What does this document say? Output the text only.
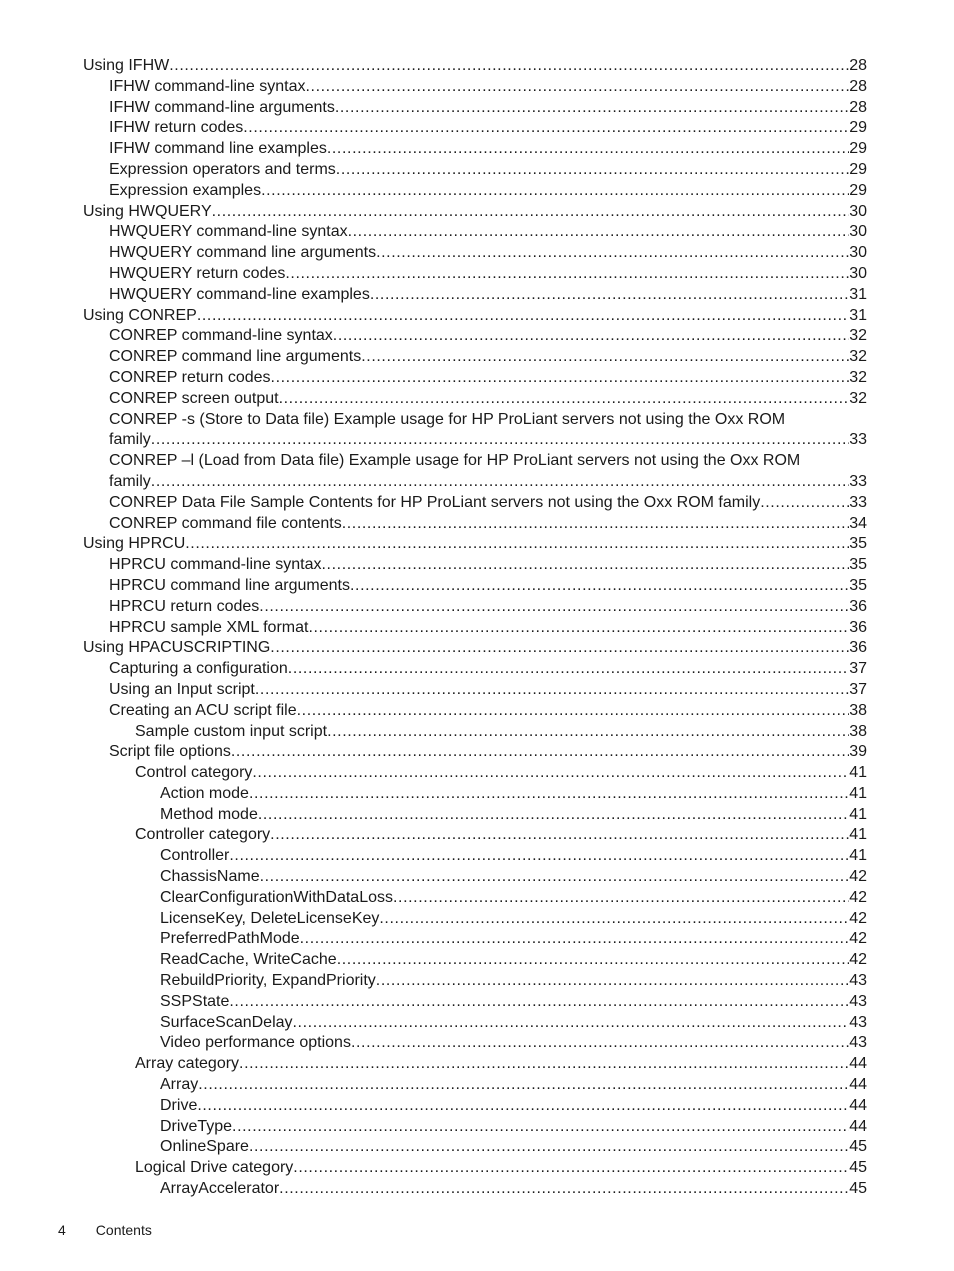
Using IFHW .....	28
IFHW command-line syntax .....	28
IFHW command-line arguments .....	28
IFHW return codes .....	29
IFHW command line examples .....	29
Expression operators and terms .....	29
Expression examples .....	29
Using HWQUERY .....	30
HWQUERY command-line syntax .....	30
HWQUERY command line arguments .....	30
HWQUERY return codes .....	30
HWQUERY command-line examples .....	31
Using CONREP .....	31
CONREP command-line syntax .....	32
CONREP command line arguments .....	32
CONREP return codes .....	32
CONREP screen output .....	32
CONREP -s (Store to Data file) Example usage for HP ProLiant servers not using the Oxx ROM
family .....	33
CONREP –l (Load from Data file) Example usage for HP ProLiant servers not using the Oxx ROM
family .....	33
CONREP Data File Sample Contents for HP ProLiant servers not using the Oxx ROM family .....	33
CONREP command file contents .....	34
Using HPRCU .....	35
HPRCU command-line syntax .....	35
HPRCU command line arguments .....	35
HPRCU return codes .....	36
HPRCU sample XML format .....	36
Using HPACUSCRIPTING .....	36
Capturing a configuration .....	37
Using an Input script .....	37
Creating an ACU script file .....	38
Sample custom input script .....	38
Script file options .....	39
Control category .....	41
Action mode .....	41
Method mode .....	41
Controller category .....	41
Controller .....	41
ChassisName .....	42
ClearConfigurationWithDataLoss .....	42
LicenseKey, DeleteLicenseKey .....	42
PreferredPathMode .....	42
ReadCache, WriteCache .....	42
RebuildPriority, ExpandPriority .....	43
SSPState .....	43
SurfaceScanDelay .....	43
Video performance options .....	43
Array category .....	44
Array .....	44
Drive .....	44
DriveType .....	44
OnlineSpare .....	45
Logical Drive category .....	45
ArrayAccelerator .....	45
4 Contents
